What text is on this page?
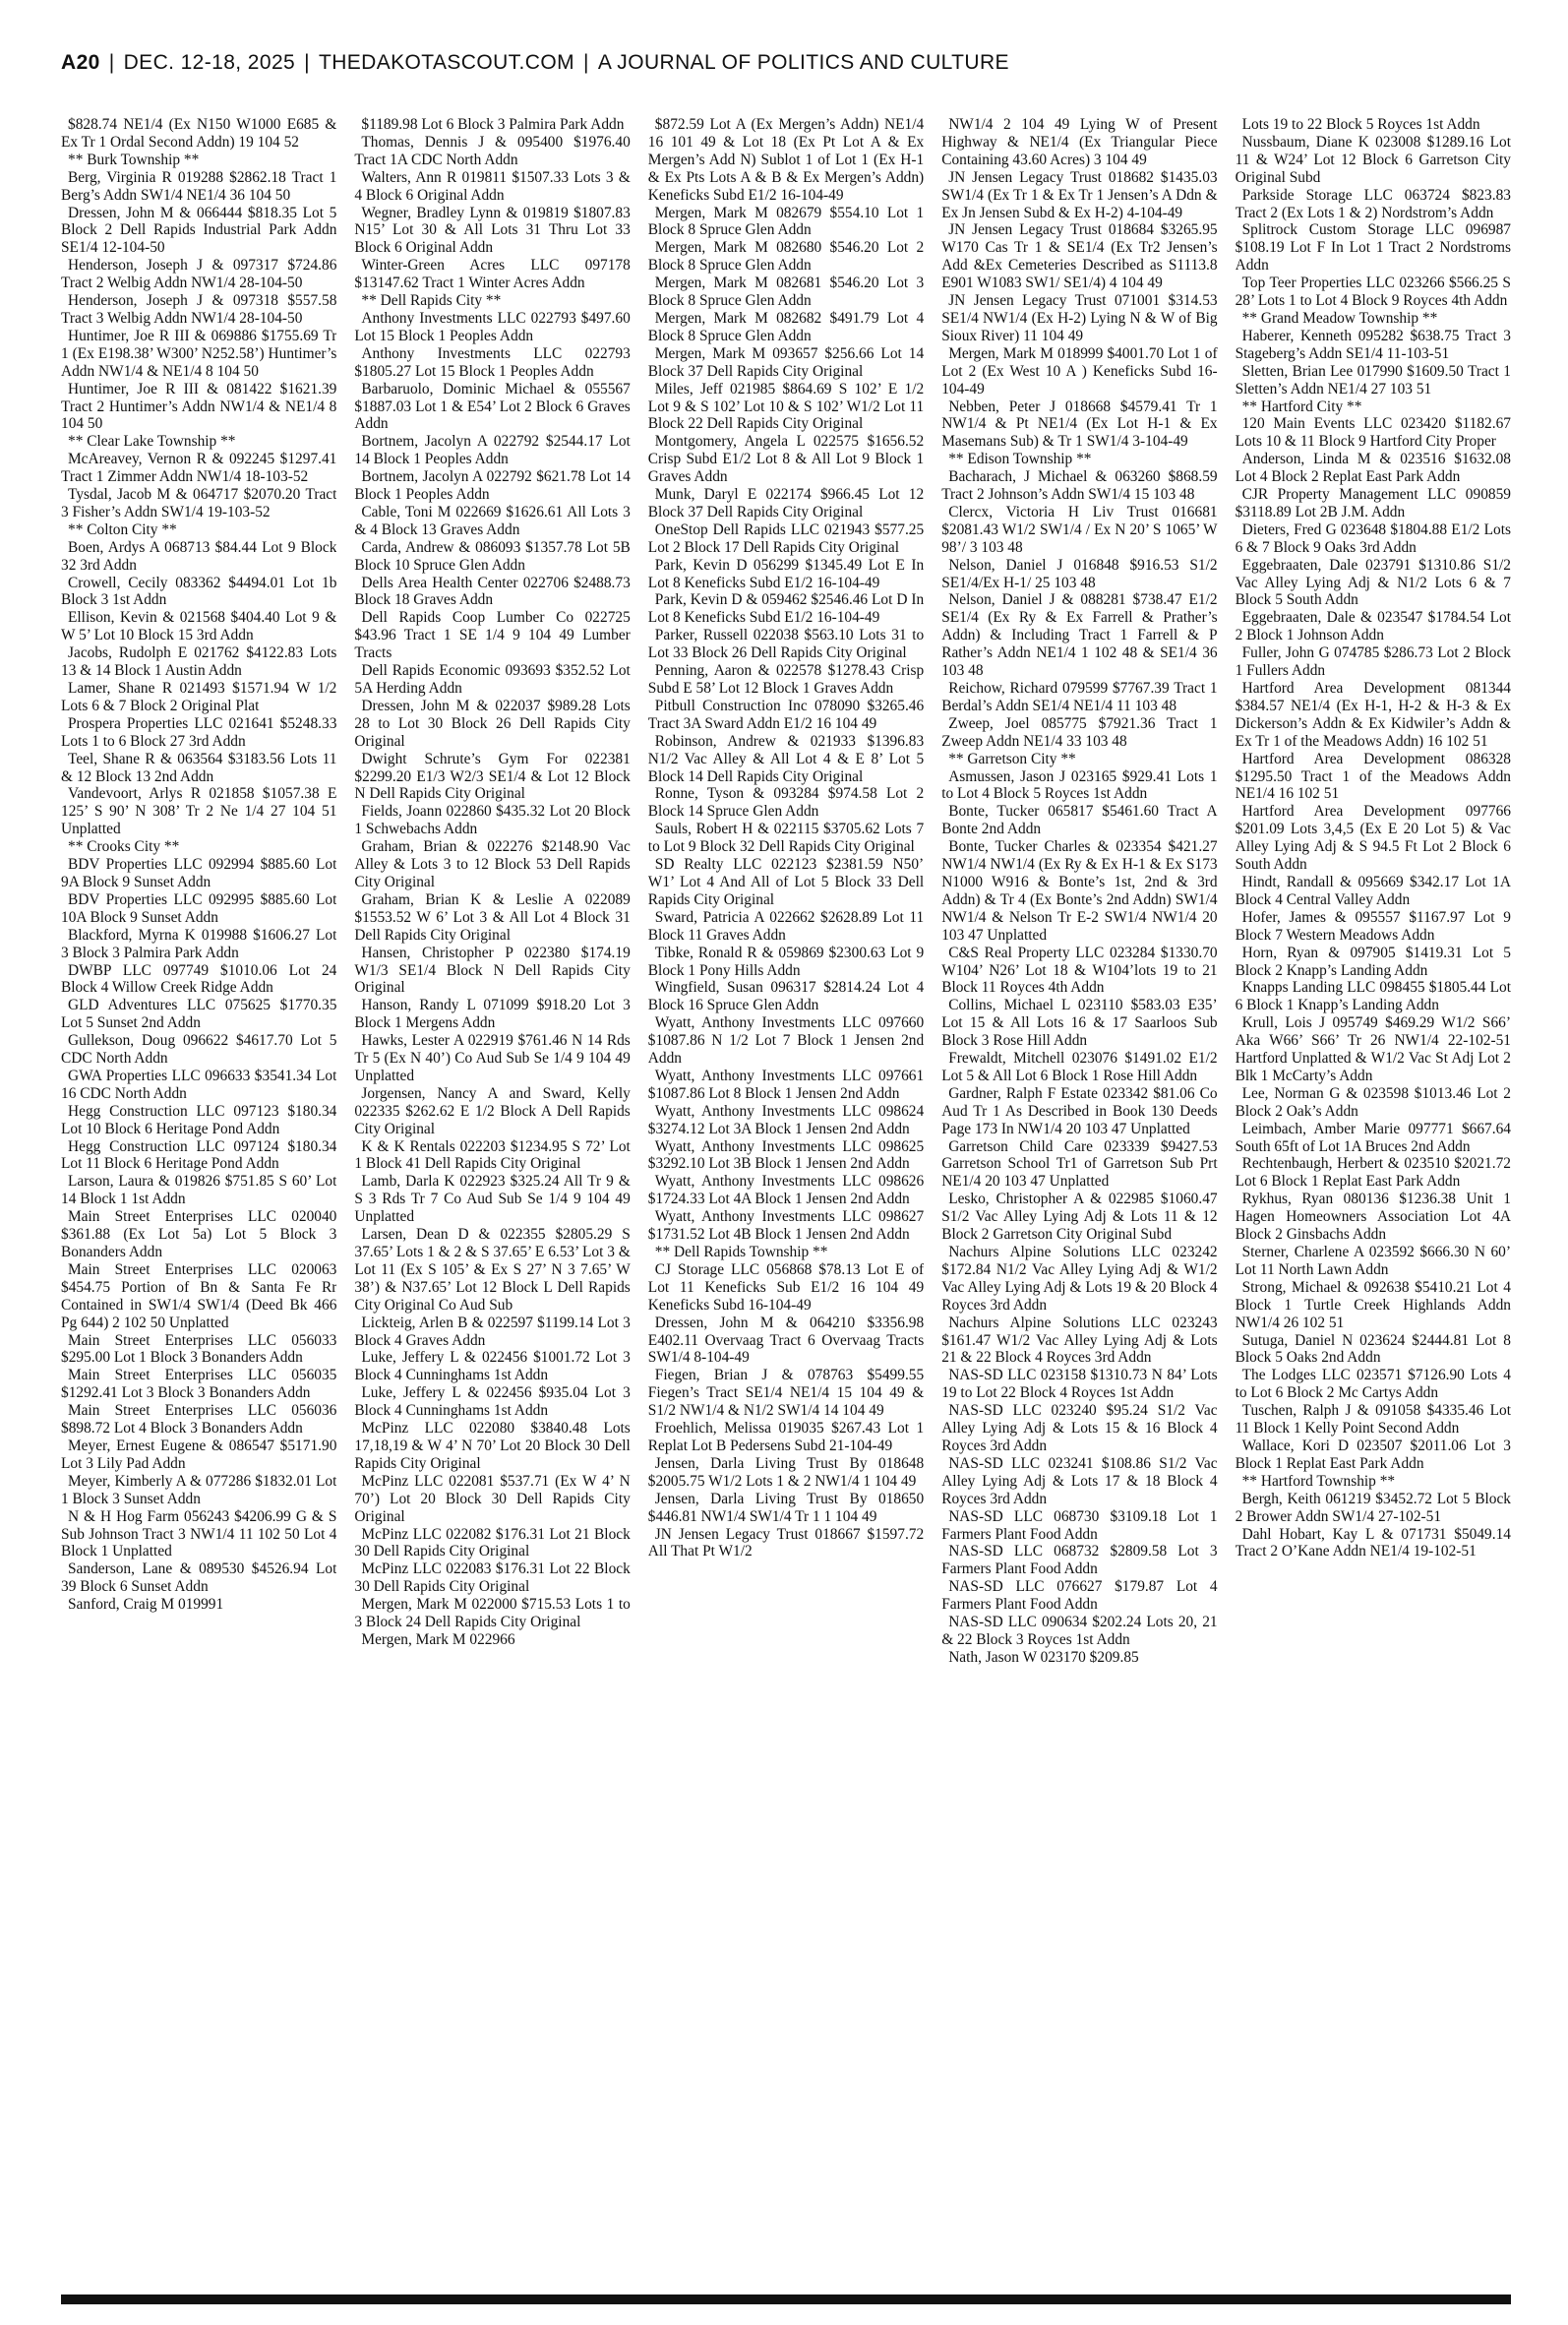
A20 | DEC. 12-18, 2025 | THEDAKOTASCOUT.COM | A JOURNAL OF POLITICS AND CULTURE

$828.74 NE1/4 (Ex N150 W1000 E685 & Ex Tr 1 Ordal Second Addn) 19 104 52

** Burk Township **

Berg, Virginia R 019288 $2862.18 Tract 1 Berg’s Addn SW1/4 NE1/4 36 104 50

Dressen, John M & 066444 $818.35 Lot 5 Block 2 Dell Rapids Industrial Park Addn SE1/4 12-104-50

Henderson, Joseph J & 097317 $724.86 Tract 2 Welbig Addn NW1/4 28-104-50

Henderson, Joseph J & 097318 $557.58 Tract 3 Welbig Addn NW1/4 28-104-50

Huntimer, Joe R III & 069886 $1755.69 Tr 1 (Ex E198.38’ W300’ N252.58’) Huntimer’s Addn NW1/4 & NE1/4 8 104 50

Huntimer, Joe R III & 081422 $1621.39 Tract 2 Huntimer’s Addn NW1/4 & NE1/4 8 104 50

** Clear Lake Township **

McAreavey, Vernon R & 092245 $1297.41 Tract 1 Zimmer Addn NW1/4 18-103-52

Tysdal, Jacob M & 064717 $2070.20 Tract 3 Fisher’s Addn SW1/4 19-103-52

** Colton City **

Boen, Ardys A 068713 $84.44 Lot 9 Block 32 3rd Addn

Crowell, Cecily 083362 $4494.01 Lot 1b Block 3 1st Addn

Ellison, Kevin & 021568 $404.40 Lot 9 & W 5’ Lot 10 Block 15 3rd Addn

Jacobs, Rudolph E 021762 $4122.83 Lots 13 & 14 Block 1 Austin Addn

Lamer, Shane R 021493 $1571.94 W 1/2 Lots 6 & 7 Block 2 Original Plat

Prospera Properties LLC 021641 $5248.33 Lots 1 to 6 Block 27 3rd Addn

Teel, Shane R & 063564 $3183.56 Lots 11 & 12 Block 13 2nd Addn

Vandevoort, Arlys R 021858 $1057.38 E 125’ S 90’ N 308’ Tr 2 Ne 1/4 27 104 51 Unplatted

** Crooks City **

BDV Properties LLC 092994 $885.60 Lot 9A Block 9 Sunset Addn

BDV Properties LLC 092995 $885.60 Lot 10A Block 9 Sunset Addn

Blackford, Myrna K 019988 $1606.27 Lot 3 Block 3 Palmira Park Addn

DWBP LLC 097749 $1010.06 Lot 24 Block 4 Willow Creek Ridge Addn

GLD Adventures LLC 075625 $1770.35 Lot 5 Sunset 2nd Addn

Gullekson, Doug 096622 $4617.70 Lot 5 CDC North Addn

GWA Properties LLC 096633 $3541.34 Lot 16 CDC North Addn

Hegg Construction LLC 097123 $180.34 Lot 10 Block 6 Heritage Pond Addn

Hegg Construction LLC 097124 $180.34 Lot 11 Block 6 Heritage Pond Addn

Larson, Laura & 019826 $751.85 S 60’ Lot 14 Block 1 1st Addn

Main Street Enterprises LLC 020040 $361.88 (Ex Lot 5a) Lot 5 Block 3 Bonanders Addn

Main Street Enterprises LLC 020063 $454.75 Portion of Bn & Santa Fe Rr Contained in SW1/4 SW1/4 (Deed Bk 466 Pg 644) 2 102 50 Unplatted

Main Street Enterprises LLC 056033 $295.00 Lot 1 Block 3 Bonanders Addn

Main Street Enterprises LLC 056035 $1292.41 Lot 3 Block 3 Bonanders Addn

Main Street Enterprises LLC 056036 $898.72 Lot 4 Block 3 Bonanders Addn

Meyer, Ernest Eugene & 086547 $5171.90 Lot 3 Lily Pad Addn

Meyer, Kimberly A & 077286 $1832.01 Lot 1 Block 3 Sunset Addn

N & H Hog Farm 056243 $4206.99 G & S Sub Johnson Tract 3 NW1/4 11 102 50 Lot 4 Block 1 Unplatted

Sanderson, Lane & 089530 $4526.94 Lot 39 Block 6 Sunset Addn

Sanford, Craig M 019991

$1189.98 Lot 6 Block 3 Palmira Park Addn

Thomas, Dennis J & 095400 $1976.40 Tract 1A CDC North Addn

Walters, Ann R 019811 $1507.33 Lots 3 & 4 Block 6 Original Addn

Wegner, Bradley Lynn & 019819 $1807.83 N15’ Lot 30 & All Lots 31 Thru Lot 33 Block 6 Original Addn

Winter-Green Acres LLC 097178 $13147.62 Tract 1 Winter Acres Addn

** Dell Rapids City **

Anthony Investments LLC 022793 $497.60 Lot 15 Block 1 Peoples Addn

Anthony Investments LLC 022793 $1805.27 Lot 15 Block 1 Peoples Addn

Barbaruolo, Dominic Michael & 055567 $1887.03 Lot 1 & E54’ Lot 2 Block 6 Graves Addn

Bortnem, Jacolyn A 022792 $2544.17 Lot 14 Block 1 Peoples Addn

Bortnem, Jacolyn A 022792 $621.78 Lot 14 Block 1 Peoples Addn

Cable, Toni M 022669 $1626.61 All Lots 3 & 4 Block 13 Graves Addn

Carda, Andrew & 086093 $1357.78 Lot 5B Block 10 Spruce Glen Addn

Dells Area Health Center 022706 $2488.73 Block 18 Graves Addn

Dell Rapids Coop Lumber Co 022725 $43.96 Tract 1 SE 1/4 9 104 49 Lumber Tracts

Dell Rapids Economic 093693 $352.52 Lot 5A Herding Addn

Dressen, John M & 022037 $989.28 Lots 28 to Lot 30 Block 26 Dell Rapids City Original

Dwight Schrute’s Gym For 022381 $2299.20 E1/3 W2/3 SE1/4 & Lot 12 Block N Dell Rapids City Original

Fields, Joann 022860 $435.32 Lot 20 Block 1 Schwebachs Addn

Graham, Brian & 022276 $2148.90 Vac Alley & Lots 3 to 12 Block 53 Dell Rapids City Original

Graham, Brian K & Leslie A 022089 $1553.52 W 6’ Lot 3 & All Lot 4 Block 31 Dell Rapids City Original

Hansen, Christopher P 022380 $174.19 W1/3 SE1/4 Block N Dell Rapids City Original

Hanson, Randy L 071099 $918.20 Lot 3 Block 1 Mergens Addn

Hawks, Lester A 022919 $761.46 N 14 Rds Tr 5 (Ex N 40’) Co Aud Sub Se 1/4 9 104 49 Unplatted

Jorgensen, Nancy A and Sward, Kelly 022335 $262.62 E 1/2 Block A Dell Rapids City Original

K & K Rentals 022203 $1234.95 S 72’ Lot 1 Block 41 Dell Rapids City Original

Lamb, Darla K 022923 $325.24 All Tr 9 & S 3 Rds Tr 7 Co Aud Sub Se 1/4 9 104 49 Unplatted

Larsen, Dean D & 022355 $2805.29 S 37.65’ Lots 1 & 2 & S 37.65’ E 6.53’ Lot 3 & Lot 11 (Ex S 105’ & Ex S 27’ N 3 7.65’ W 38’) & N37.65’ Lot 12 Block L Dell Rapids City Original Co Aud Sub

Lickteig, Arlen B & 022597 $1199.14 Lot 3 Block 4 Graves Addn

Luke, Jeffery L & 022456 $1001.72 Lot 3 Block 4 Cunninghams 1st Addn

Luke, Jeffery L & 022456 $935.04 Lot 3 Block 4 Cunninghams 1st Addn

McPinz LLC 022080 $3840.48 Lots 17,18,19 & W 4’ N 70’ Lot 20 Block 30 Dell Rapids City Original

McPinz LLC 022081 $537.71 (Ex W 4’ N 70’) Lot 20 Block 30 Dell Rapids City Original

McPinz LLC 022082 $176.31 Lot 21 Block 30 Dell Rapids City Original

McPinz LLC 022083 $176.31 Lot 22 Block 30 Dell Rapids City Original

Mergen, Mark M 022000 $715.53 Lots 1 to 3 Block 24 Dell Rapids City Original

Mergen, Mark M 022966

$872.59 Lot A (Ex Mergen’s Addn) NE1/4 16 101 49 & Lot 18 (Ex Pt Lot A & Ex Mergen’s Add N) Sublot 1 of Lot 1 (Ex H-1 & Ex Pts Lots A & B & Ex Mergen’s Addn) Keneficks Subd E1/2 16-104-49

Mergen, Mark M 082679 $554.10 Lot 1 Block 8 Spruce Glen Addn

Mergen, Mark M 082680 $546.20 Lot 2 Block 8 Spruce Glen Addn

Mergen, Mark M 082681 $546.20 Lot 3 Block 8 Spruce Glen Addn

Mergen, Mark M 082682 $491.79 Lot 4 Block 8 Spruce Glen Addn

Mergen, Mark M 093657 $256.66 Lot 14 Block 37 Dell Rapids City Original

Miles, Jeff 021985 $864.69 S 102’ E 1/2 Lot 9 & S 102’ Lot 10 & S 102’ W1/2 Lot 11 Block 22 Dell Rapids City Original

Montgomery, Angela L 022575 $1656.52 Crisp Subd E1/2 Lot 8 & All Lot 9 Block 1 Graves Addn

Munk, Daryl E 022174 $966.45 Lot 12 Block 37 Dell Rapids City Original

OneStop Dell Rapids LLC 021943 $577.25 Lot 2 Block 17 Dell Rapids City Original

Park, Kevin D 056299 $1345.49 Lot E In Lot 8 Keneficks Subd E1/2 16-104-49

Park, Kevin D & 059462 $2546.46 Lot D In Lot 8 Keneficks Subd E1/2 16-104-49

Parker, Russell 022038 $563.10 Lots 31 to Lot 33 Block 26 Dell Rapids City Original

Penning, Aaron & 022578 $1278.43 Crisp Subd E 58’ Lot 12 Block 1 Graves Addn

Pitbull Construction Inc 078090 $3265.46 Tract 3A Sward Addn E1/2 16 104 49

Robinson, Andrew & 021933 $1396.83 N1/2 Vac Alley & All Lot 4 & E 8’ Lot 5 Block 14 Dell Rapids City Original

Ronne, Tyson & 093284 $974.58 Lot 2 Block 14 Spruce Glen Addn

Sauls, Robert H & 022115 $3705.62 Lots 7 to Lot 9 Block 32 Dell Rapids City Original

SD Realty LLC 022123 $2381.59 N50’ W1’ Lot 4 And All of Lot 5 Block 33 Dell Rapids City Original

Sward, Patricia A 022662 $2628.89 Lot 11 Block 11 Graves Addn

Tibke, Ronald R & 059869 $2300.63 Lot 9 Block 1 Pony Hills Addn

Wingfield, Susan 096317 $2814.24 Lot 4 Block 16 Spruce Glen Addn

Wyatt, Anthony Investments LLC 097660 $1087.86 N 1/2 Lot 7 Block 1 Jensen 2nd Addn

Wyatt, Anthony Investments LLC 097661 $1087.86 Lot 8 Block 1 Jensen 2nd Addn

Wyatt, Anthony Investments LLC 098624 $3274.12 Lot 3A Block 1 Jensen 2nd Addn

Wyatt, Anthony Investments LLC 098625 $3292.10 Lot 3B Block 1 Jensen 2nd Addn

Wyatt, Anthony Investments LLC 098626 $1724.33 Lot 4A Block 1 Jensen 2nd Addn

Wyatt, Anthony Investments LLC 098627 $1731.52 Lot 4B Block 1 Jensen 2nd Addn

** Dell Rapids Township **

CJ Storage LLC 056868 $78.13 Lot E of Lot 11 Keneficks Sub E1/2 16 104 49 Keneficks Subd 16-104-49

Dressen, John M & 064210 $3356.98 E402.11 Overvaag Tract 6 Overvaag Tracts SW1/4 8-104-49

Fiegen, Brian J & 078763 $5499.55 Fiegen’s Tract SE1/4 NE1/4 15 104 49 & S1/2 NW1/4 & N1/2 SW1/4 14 104 49

Froehlich, Melissa 019035 $267.43 Lot 1 Replat Lot B Pedersens Subd 21-104-49

Jensen, Darla Living Trust By 018648 $2005.75 W1/2 Lots 1 & 2 NW1/4 1 104 49

Jensen, Darla Living Trust By 018650 $446.81 NW1/4 SW1/4 Tr 1 1 104 49

JN Jensen Legacy Trust 018667 $1597.72 All That Pt W1/2

NW1/4 2 104 49 Lying W of Present Highway & NE1/4 (Ex Triangular Piece Containing 43.60 Acres) 3 104 49

JN Jensen Legacy Trust 018682 $1435.03 SW1/4 (Ex Tr 1 & Ex Tr 1 Jensen’s A Ddn & Ex Jn Jensen Subd & Ex H-2) 4-104-49

JN Jensen Legacy Trust 018684 $3265.95 W170 Cas Tr 1 & SE1/4 (Ex Tr2 Jensen’s Add &Ex Cemeteries Described as S1113.8 E901 W1083 SW1/ SE1/4) 4 104 49

JN Jensen Legacy Trust 071001 $314.53 SE1/4 NW1/4 (Ex H-2) Lying N & W of Big Sioux River) 11 104 49

Mergen, Mark M 018999 $4001.70 Lot 1 of Lot 2 (Ex West 10 A ) Keneficks Subd 16-104-49

Nebben, Peter J 018668 $4579.41 Tr 1 NW1/4 & Pt NE1/4 (Ex Lot H-1 & Ex Masemans Sub) & Tr 1 SW1/4 3-104-49

** Edison Township **

Bacharach, J Michael & 063260 $868.59 Tract 2 Johnson’s Addn SW1/4 15 103 48

Clercx, Victoria H Liv Trust 016681 $2081.43 W1/2 SW1/4 / Ex N 20’ S 1065’ W 98’/ 3 103 48

Nelson, Daniel J 016848 $916.53 S1/2 SE1/4/Ex H-1/ 25 103 48

Nelson, Daniel J & 088281 $738.47 E1/2 SE1/4 (Ex Ry & Ex Farrell & Prather’s Addn) & Including Tract 1 Farrell & P Rather’s Addn NE1/4 1 102 48 & SE1/4 36 103 48

Reichow, Richard 079599 $7767.39 Tract 1 Berdal’s Addn SE1/4 NE1/4 11 103 48

Zweep, Joel 085775 $7921.36 Tract 1 Zweep Addn NE1/4 33 103 48

** Garretson City **

Asmussen, Jason J 023165 $929.41 Lots 1 to Lot 4 Block 5 Royces 1st Addn

Bonte, Tucker 065817 $5461.60 Tract A Bonte 2nd Addn

Bonte, Tucker Charles & 023354 $421.27 NW1/4 NW1/4 (Ex Ry & Ex H-1 & Ex S173 N1000 W916 & Bonte’s 1st, 2nd & 3rd Addn) & Tr 4 (Ex Bonte’s 2nd Addn) SW1/4 NW1/4 & Nelson Tr E-2 SW1/4 NW1/4 20 103 47 Unplatted

C&S Real Property LLC 023284 $1330.70 W104’ N26’ Lot 18 & W104’lots 19 to 21 Block 11 Royces 4th Addn

Collins, Michael L 023110 $583.03 E35’ Lot 15 & All Lots 16 & 17 Saarloos Sub Block 3 Rose Hill Addn

Frewaldt, Mitchell 023076 $1491.02 E1/2 Lot 5 & All Lot 6 Block 1 Rose Hill Addn

Gardner, Ralph F Estate 023342 $81.06 Co Aud Tr 1 As Described in Book 130 Deeds Page 173 In NW1/4 20 103 47 Unplatted

Garretson Child Care 023339 $9427.53 Garretson School Tr1 of Garretson Sub Prt NE1/4 20 103 47 Unplatted

Lesko, Christopher A & 022985 $1060.47 S1/2 Vac Alley Lying Adj & Lots 11 & 12 Block 2 Garretson City Original Subd

Nachurs Alpine Solutions LLC 023242 $172.84 N1/2 Vac Alley Lying Adj & W1/2 Vac Alley Lying Adj & Lots 19 & 20 Block 4 Royces 3rd Addn

Nachurs Alpine Solutions LLC 023243 $161.47 W1/2 Vac Alley Lying Adj & Lots 21 & 22 Block 4 Royces 3rd Addn

NAS-SD LLC 023158 $1310.73 N 84’ Lots 19 to Lot 22 Block 4 Royces 1st Addn

NAS-SD LLC 023240 $95.24 S1/2 Vac Alley Lying Adj & Lots 15 & 16 Block 4 Royces 3rd Addn

NAS-SD LLC 023241 $108.86 S1/2 Vac Alley Lying Adj & Lots 17 & 18 Block 4 Royces 3rd Addn

NAS-SD LLC 068730 $3109.18 Lot 1 Farmers Plant Food Addn

NAS-SD LLC 068732 $2809.58 Lot 3 Farmers Plant Food Addn

NAS-SD LLC 076627 $179.87 Lot 4 Farmers Plant Food Addn

NAS-SD LLC 090634 $202.24 Lots 20, 21 & 22 Block 3 Royces 1st Addn

Nath, Jason W 023170 $209.85

Lots 19 to 22 Block 5 Royces 1st Addn

Nussbaum, Diane K 023008 $1289.16 Lot 11 & W24’ Lot 12 Block 6 Garretson City Original Subd

Parkside Storage LLC 063724 $823.83 Tract 2 (Ex Lots 1 & 2) Nordstrom’s Addn

Splitrock Custom Storage LLC 096987 $108.19 Lot F In Lot 1 Tract 2 Nordstroms Addn

Top Teer Properties LLC 023266 $566.25 S 28’ Lots 1 to Lot 4 Block 9 Royces 4th Addn

** Grand Meadow Township **

Haberer, Kenneth 095282 $638.75 Tract 3 Stageberg’s Addn SE1/4 11-103-51

Sletten, Brian Lee 017990 $1609.50 Tract 1 Sletten’s Addn NE1/4 27 103 51

** Hartford City **

120 Main Events LLC 023420 $1182.67 Lots 10 & 11 Block 9 Hartford City Proper

Anderson, Linda M & 023516 $1632.08 Lot 4 Block 2 Replat East Park Addn

CJR Property Management LLC 090859 $3118.89 Lot 2B J.M. Addn

Dieters, Fred G 023648 $1804.88 E1/2 Lots 6 & 7 Block 9 Oaks 3rd Addn

Eggebraaten, Dale 023791 $1310.86 S1/2 Vac Alley Lying Adj & N1/2 Lots 6 & 7 Block 5 South Addn

Eggebraaten, Dale & 023547 $1784.54 Lot 2 Block 1 Johnson Addn

Fuller, John G 074785 $286.73 Lot 2 Block 1 Fullers Addn

Hartford Area Development 081344 $384.57 NE1/4 (Ex H-1, H-2 & H-3 & Ex Dickerson’s Addn & Ex Kidwiler’s Addn & Ex Tr 1 of the Meadows Addn) 16 102 51

Hartford Area Development 086328 $1295.50 Tract 1 of the Meadows Addn NE1/4 16 102 51

Hartford Area Development 097766 $201.09 Lots 3,4,5 (Ex E 20 Lot 5) & Vac Alley Lying Adj & S 94.5 Ft Lot 2 Block 6 South Addn

Hindt, Randall & 095669 $342.17 Lot 1A Block 4 Central Valley Addn

Hofer, James & 095557 $1167.97 Lot 9 Block 7 Western Meadows Addn

Horn, Ryan & 097905 $1419.31 Lot 5 Block 2 Knapp’s Landing Addn

Knapps Landing LLC 098455 $1805.44 Lot 6 Block 1 Knapp’s Landing Addn

Krull, Lois J 095749 $469.29 W1/2 S66’ Aka W66’ S66’ Tr 26 NW1/4 22-102-51 Hartford Unplatted & W1/2 Vac St Adj Lot 2 Blk 1 McCarty’s Addn

Lee, Norman G & 023598 $1013.46 Lot 2 Block 2 Oak’s Addn

Leimbach, Amber Marie 097771 $667.64 South 65ft of Lot 1A Bruces 2nd Addn

Rechtenbaugh, Herbert & 023510 $2021.72 Lot 6 Block 1 Replat East Park Addn

Rykhus, Ryan 080136 $1236.38 Unit 1 Hagen Homeowners Association Lot 4A Block 2 Ginsbachs Addn

Sterner, Charlene A 023592 $666.30 N 60’ Lot 11 North Lawn Addn

Strong, Michael & 092638 $5410.21 Lot 4 Block 1 Turtle Creek Highlands Addn NW1/4 26 102 51

Sutuga, Daniel N 023624 $2444.81 Lot 8 Block 5 Oaks 2nd Addn

The Lodges LLC 023571 $7126.90 Lots 4 to Lot 6 Block 2 Mc Cartys Addn

Tuschen, Ralph J & 091058 $4335.46 Lot 11 Block 1 Kelly Point Second Addn

Wallace, Kori D 023507 $2011.06 Lot 3 Block 1 Replat East Park Addn

** Hartford Township **

Bergh, Keith 061219 $3452.72 Lot 5 Block 2 Brower Addn SW1/4 27-102-51

Dahl Hobart, Kay L & 071731 $5049.14 Tract 2 O’Kane Addn NE1/4 19-102-51
